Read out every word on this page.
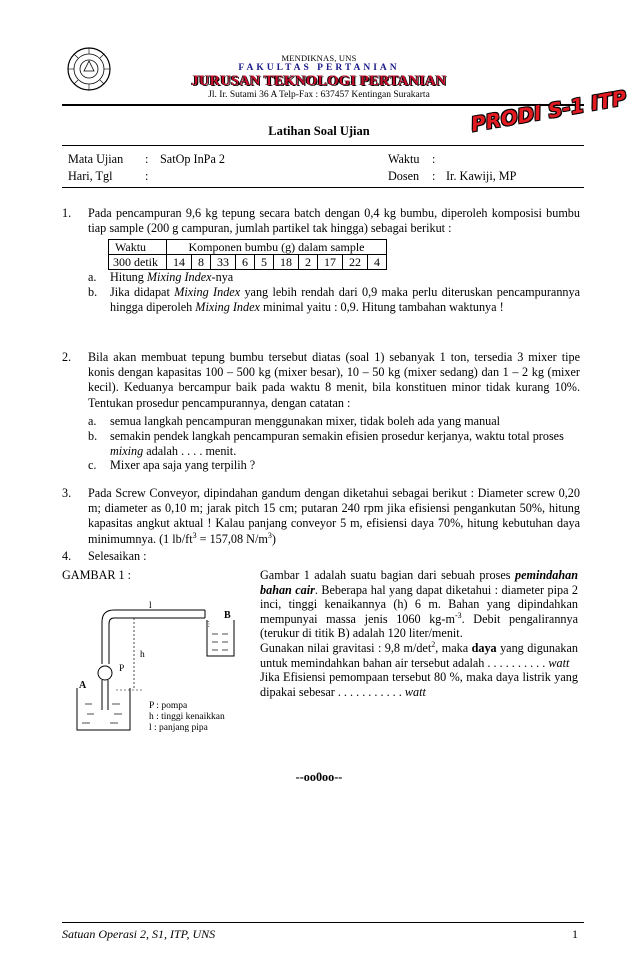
MENDIKNAS, UNS
FAKULTAS PERTANIAN
JURUSAN TEKNOLOGI PERTANIAN
Jl. Ir. Sutami 36 A Telp-Fax : 637457 Kentingan Surakarta	PRODI S-1 ITP
Latihan Soal Ujian
Mata Ujian : SatOp InPa 2
Hari, Tgl	:
Waktu :
Dosen : Ir. Kawiji, MP
1. Pada pencampuran 9,6 kg tepung secara batch dengan 0,4 kg bumbu, diperoleh komposisi bumbu tiap sample (200 g campuran, jumlah partikel tak hingga) sebagai berikut :
Waktu	Komponen bumbu (g) dalam sample									
300 detik	14	8	33	6	5	18	2	17	22	4
a. Hitung Mixing Index-nya
b. Jika didapat Mixing Index yang lebih rendah dari 0,9 maka perlu diteruskan pencampurannya hingga diperoleh Mixing Index minimal yaitu : 0,9. Hitung tambahan waktunya !
2. Bila akan membuat tepung bumbu tersebut diatas (soal 1) sebanyak 1 ton, tersedia 3 mixer tipe konis dengan kapasitas 100 – 500 kg (mixer besar), 10 – 50 kg (mixer sedang) dan 1 – 2 kg (mixer kecil). Keduanya bercampur baik pada waktu 8 menit, bila konstituen minor tidak kurang 10%. Tentukan prosedur pencampurannya, dengan catatan :
a. semua langkah pencampuran menggunakan mixer, tidak boleh ada yang manual
b. semakin pendek langkah pencampuran semakin efisien prosedur kerjanya, waktu total proses mixing adalah . . . . menit.
c. Mixer apa saja yang terpilih ?
3. Pada Screw Conveyor, dipindahan gandum dengan diketahui sebagai berikut : Diameter screw 0,20 m; diameter as 0,10 m; jarak pitch 15 cm; putaran 240 rpm jika efisiensi pengankutan 50%, hitung kapasitas angkut aktual ! Kalau panjang conveyor 5 m, efisiensi daya 70%, hitung kebutuhan daya minimumnya. (1 $lb/ft^3 = 157,08$ $N/m^3$)
4. Selesaikan :
GAMBAR 1 :
l
B
h
P
A
P : pompa
h : tinggi kenaikkan
l : panjang pipa
Gambar 1 adalah suatu bagian dari sebuah proses pemindahan bahan cair. Beberapa hal yang dapat diketahui : diameter pipa 2 inci, tinggi kenaikannya (h) 6 m. Bahan yang dipindahkan mempunyai massa jenis 1060 $kg-m^{-3}$. Debit pengalirannya (terukur di titik B) adalah 120 liter/menit.
Gunakan nilai gravitasi : 9,8 $m/\det^2$, maka daya yang digunakan untuk memindahkan bahan air tersebut adalah . . . . . . . . . . watt
Jika Efisiensi pemompaan tersebut 80 %, maka daya listrik yang dipakai sebesar . . . . . . . . . . . watt
--oo0oo--
Satuan Operasi 2, S1, ITP, UNS	1
